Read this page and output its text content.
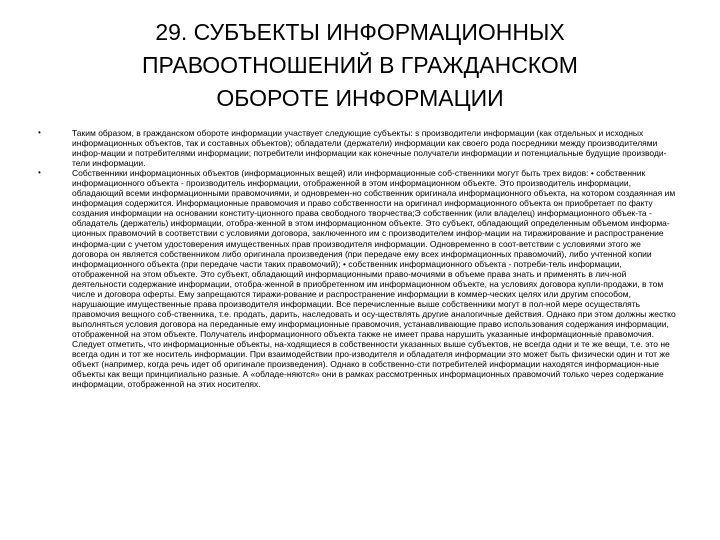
29. СУБЪЕКТЫ ИНФОРМАЦИОННЫХ
ПРАВООТНОШЕНИЙ В ГРАЖДАНСКОМ
ОБОРОТЕ ИНФОРМАЦИИ
•	Таким образом, в гражданском обороте информации участвует следующие субъекты: s производители информации (как отдельных и исходных информационных объектов, так и составных объектов); обладатели (держатели) информации как своего рода посредники между производителями инфор-мации и потребителями информации; потребители информации как конечные получатели информации и потенциальные будущие производи-тели информации.
•	Собственники информационных объектов (информационных вещей) или информационные соб-ственники могут быть трех видов: • собственник информационного объекта - производитель информации, отображенной в этом информационном объекте. Это производитель информации, обладающий всеми информационными правомочиями, и одновремен-но собственник оригинала информационного объекта, на котором создаянная им информация содержится. Информационные правомочия и право собственности на оригинал информационного объекта он приобретает по факту создания информации на основании конститу-ционного права свободного творчества;Э собственник (или владелец) информационного объек-та - обладатель (держатель) информации, отобра-женной в этом информационном объекте. Это субъект, обладающий определенным объемом информа-ционных правомочий в соответствии с условиями договора, заключенного им с производителем инфор-мации на тиражирование и распространение информа-ции с учетом удостоверения имущественных прав производителя информации. Одновременно в соот-ветствии с условиями этого же договора он является собственником либо оригинала произведения (при передаче ему всех информационных правомочий), либо учтенной копии информационного объекта (при передаче части таких правомочий); • собственник информационного объекта - потреби-тель информации, отображенной на этом объекте. Это субъект, обладающий информационными право-мочиями в объеме права знать и применять в лич-ной деятельности содержание информации, отобра-женной в приобретенном им информационном объекте, на условиях договора купли-продажи, в том числе и договора оферты. Ему запрещаются тиражи-рование и распространение информации в коммер-ческих целях или другим способом, нарушающие имущественные права производителя информации. Все перечисленные выше собственники могут в пол-ной мере осуществлять правомочия вещного соб-ственника, т.е. продать, дарить, наследовать и осу-ществлять другие аналогичные действия. Однако при этом должны жестко выполняться условия договора на переданные ему информационные правомочия, устанавливающие право использования содержания информации, отображенной на этом объекте. Получатель информационного объекта также не имеет права нарушить указанные информационные правомочия. Следует отметить, что информационные объекты, на-ходящиеся в собственности указанных выше субъектов, не всегда одни и те же вещи, т.е. это не всегда один и тот же носитель информации. При взаимодействии про-изводителя и обладателя информации это может быть физически один и тот же объект (например, когда речь идет об оригинале произведения). Однако в собственно-сти потребителей информации находятся информацион-ные объекты как вещи принципиально разные. А «обладе-няются» они в рамках рассмотренных информационных правомочий только через содержание информации, отображенной на этих носителях.
